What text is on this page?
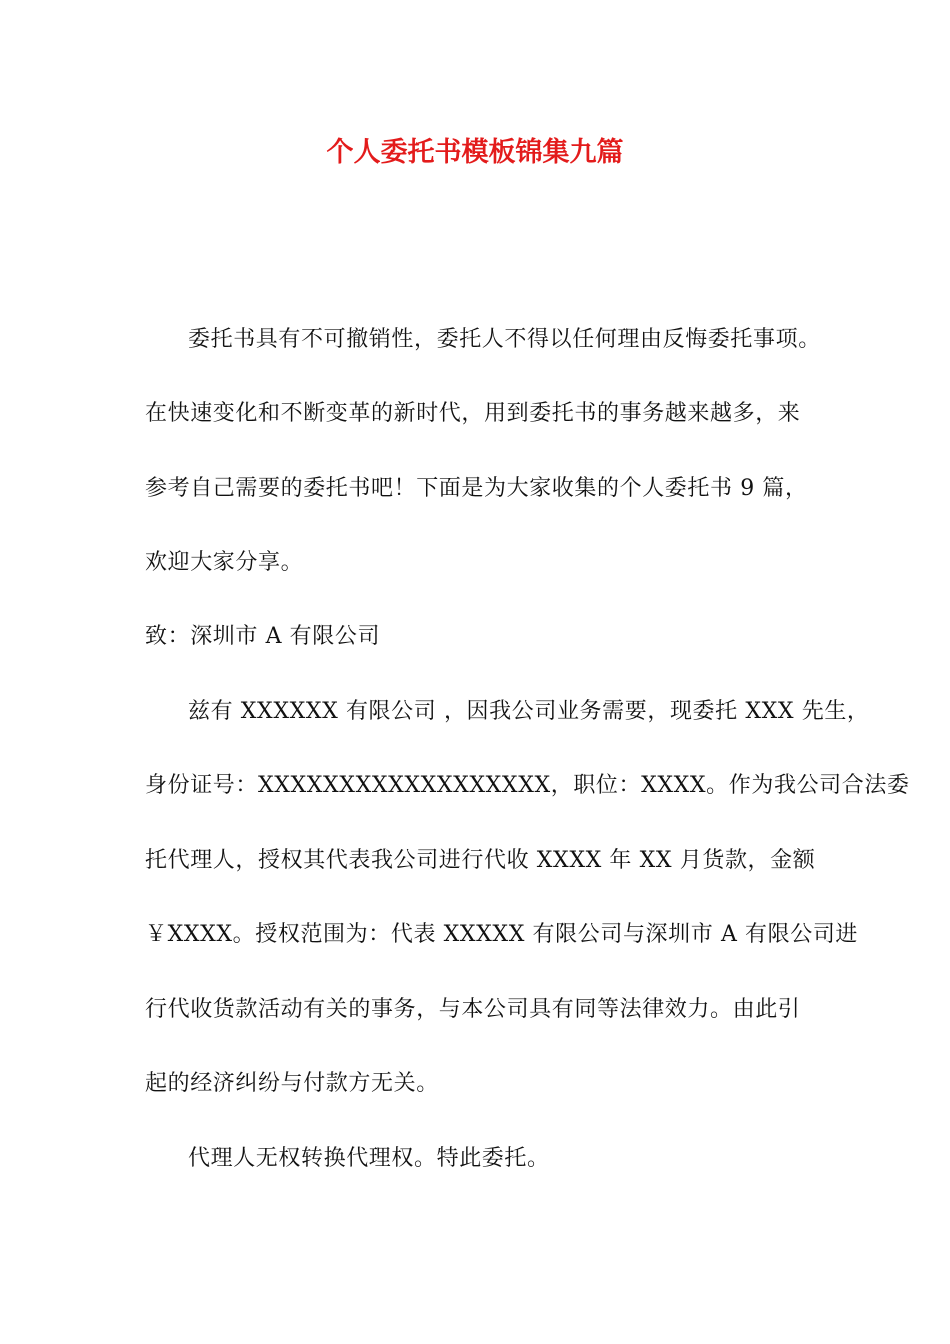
个人委托书模板锦集九篇
委托书具有不可撤销性，委托人不得以任何理由反悔委托事项。
在快速变化和不断变革的新时代，用到委托书的事务越来越多，来
参考自己需要的委托书吧！下面是为大家收集的个人委托书 9 篇，
欢迎大家分享。
致：深圳市 A 有限公司
兹有 XXXXXX 有限公司 ，因我公司业务需要，现委托 XXX 先生，
身份证号：XXXXXXXXXXXXXXXXXX，职位：XXXX。作为我公司合法委
托代理人，授权其代表我公司进行代收 XXXX 年 XX 月货款，金额
￥XXXX。授权范围为：代表 XXXXX 有限公司与深圳市 A 有限公司进
行代收货款活动有关的事务，与本公司具有同等法律效力。由此引
起的经济纠纷与付款方无关。
代理人无权转换代理权。特此委托。
